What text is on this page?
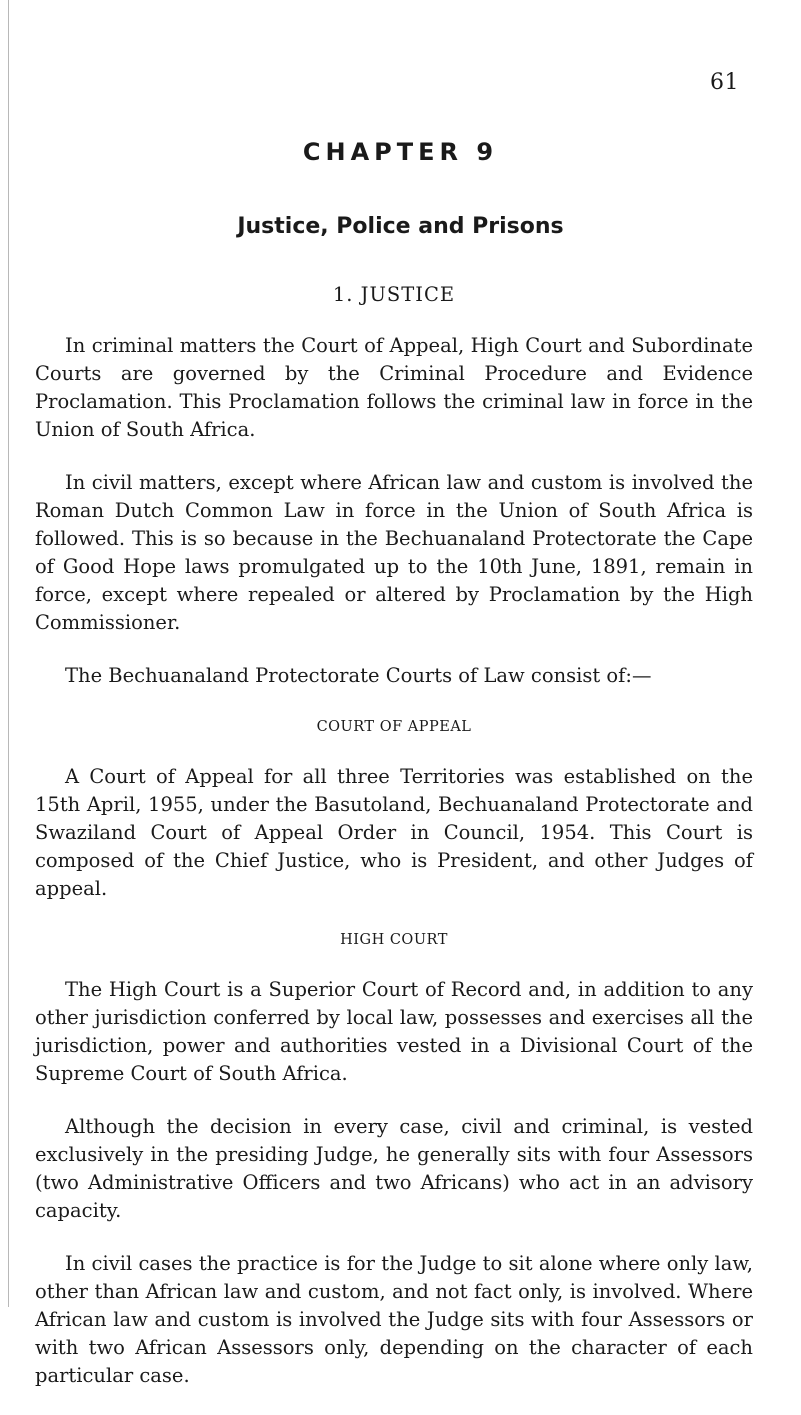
61
CHAPTER 9
Justice, Police and Prisons
1. JUSTICE

In criminal matters the Court of Appeal, High Court and Subordinate Courts are governed by the Criminal Procedure and Evidence Proclamation. This Proclamation follows the criminal law in force in the Union of South Africa.

In civil matters, except where African law and custom is involved the Roman Dutch Common Law in force in the Union of South Africa is followed. This is so because in the Bechuanaland Protectorate the Cape of Good Hope laws promulgated up to the 10th June, 1891, remain in force, except where repealed or altered by Proclamation by the High Commissioner.

The Bechuanaland Protectorate Courts of Law consist of:—

COURT OF APPEAL

A Court of Appeal for all three Territories was established on the 15th April, 1955, under the Basutoland, Bechuanaland Protectorate and Swaziland Court of Appeal Order in Council, 1954. This Court is composed of the Chief Justice, who is President, and other Judges of appeal.

HIGH COURT

The High Court is a Superior Court of Record and, in addition to any other jurisdiction conferred by local law, possesses and exercises all the jurisdiction, power and authorities vested in a Divisional Court of the Supreme Court of South Africa.

Although the decision in every case, civil and criminal, is vested exclusively in the presiding Judge, he generally sits with four Assessors (two Administrative Officers and two Africans) who act in an advisory capacity.

In civil cases the practice is for the Judge to sit alone where only law, other than African law and custom, and not fact only, is involved. Where African law and custom is involved the Judge sits with four Assessors or with two African Assessors only, depending on the character of each particular case.
